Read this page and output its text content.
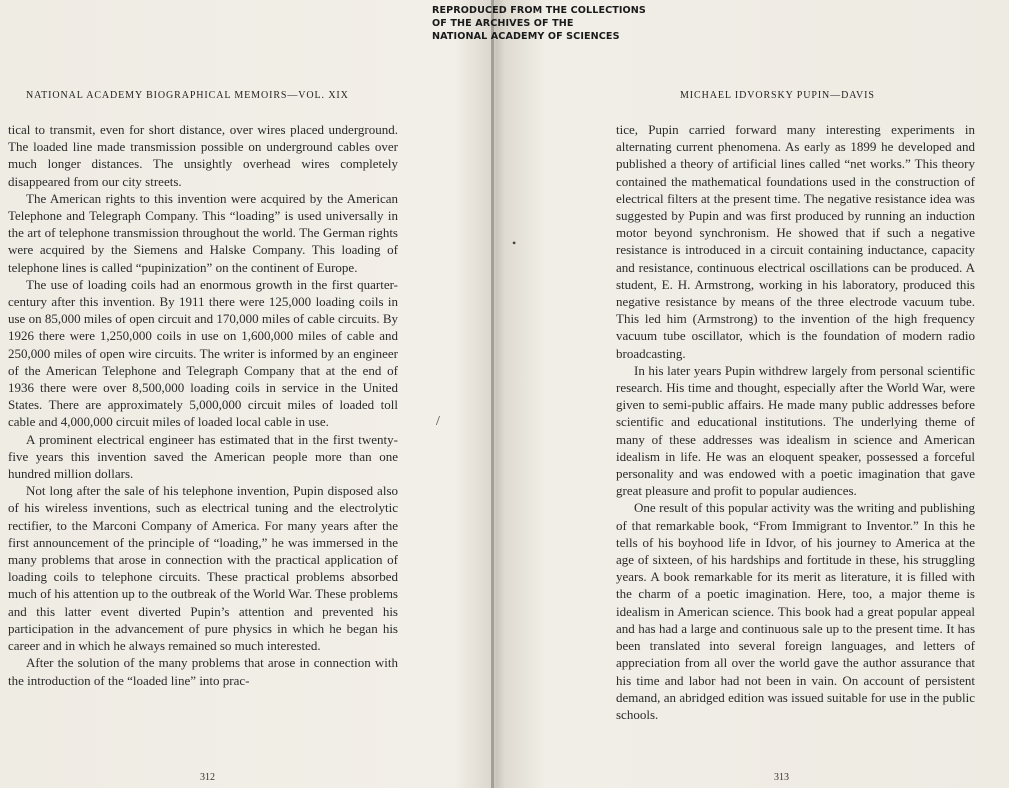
REPRODUCED FROM THE COLLECTIONS
OF THE ARCHIVES OF THE
NATIONAL ACADEMY OF SCIENCES
NATIONAL ACADEMY BIOGRAPHICAL MEMOIRS—VOL. XIX

tical to transmit, even for short distance, over wires placed underground. The loaded line made transmission possible on underground cables over much longer distances. The unsightly overhead wires completely disappeared from our city streets.

The American rights to this invention were acquired by the American Telephone and Telegraph Company. This “loading” is used universally in the art of telephone transmission throughout the world. The German rights were acquired by the Siemens and Halske Company. This loading of telephone lines is called “pupinization” on the continent of Europe.

The use of loading coils had an enormous growth in the first quarter-century after this invention. By 1911 there were 125,000 loading coils in use on 85,000 miles of open circuit and 170,000 miles of cable circuits. By 1926 there were 1,250,000 coils in use on 1,600,000 miles of cable and 250,000 miles of open wire circuits. The writer is informed by an engineer of the American Telephone and Telegraph Company that at the end of 1936 there were over 8,500,000 loading coils in service in the United States. There are approximately 5,000,000 circuit miles of loaded toll cable and 4,000,000 circuit miles of loaded local cable in use.

A prominent electrical engineer has estimated that in the first twenty-five years this invention saved the American people more than one hundred million dollars.

Not long after the sale of his telephone invention, Pupin disposed also of his wireless inventions, such as electrical tuning and the electrolytic rectifier, to the Marconi Company of America. For many years after the first announcement of the principle of “loading,” he was immersed in the many problems that arose in connection with the practical application of loading coils to telephone circuits. These practical problems absorbed much of his attention up to the outbreak of the World War. These problems and this latter event diverted Pupin’s attention and prevented his participation in the advancement of pure physics in which he began his career and in which he always remained so much interested.

After the solution of the many problems that arose in connection with the introduction of the “loaded line” into prac-

312
/
MICHAEL IDVORSKY PUPIN—DAVIS

tice, Pupin carried forward many interesting experiments in alternating current phenomena. As early as 1899 he developed and published a theory of artificial lines called “net works.” This theory contained the mathematical foundations used in the construction of electrical filters at the present time. The negative resistance idea was suggested by Pupin and was first produced by running an induction motor beyond synchronism. He showed that if such a negative resistance is introduced in a circuit containing inductance, capacity and resistance, continuous electrical oscillations can be produced. A student, E. H. Armstrong, working in his laboratory, produced this negative resistance by means of the three electrode vacuum tube. This led him (Armstrong) to the invention of the high frequency vacuum tube oscillator, which is the foundation of modern radio broadcasting.

In his later years Pupin withdrew largely from personal scientific research. His time and thought, especially after the World War, were given to semi-public affairs. He made many public addresses before scientific and educational institutions. The underlying theme of many of these addresses was idealism in science and American idealism in life. He was an eloquent speaker, possessed a forceful personality and was endowed with a poetic imagination that gave great pleasure and profit to popular audiences.

One result of this popular activity was the writing and publishing of that remarkable book, “From Immigrant to Inventor.” In this he tells of his boyhood life in Idvor, of his journey to America at the age of sixteen, of his hardships and fortitude in these, his struggling years. A book remarkable for its merit as literature, it is filled with the charm of a poetic imagination. Here, too, a major theme is idealism in American science. This book had a great popular appeal and has had a large and continuous sale up to the present time. It has been translated into several foreign languages, and letters of appreciation from all over the world gave the author assurance that his time and labor had not been in vain. On account of persistent demand, an abridged edition was issued suitable for use in the public schools.

313
•
